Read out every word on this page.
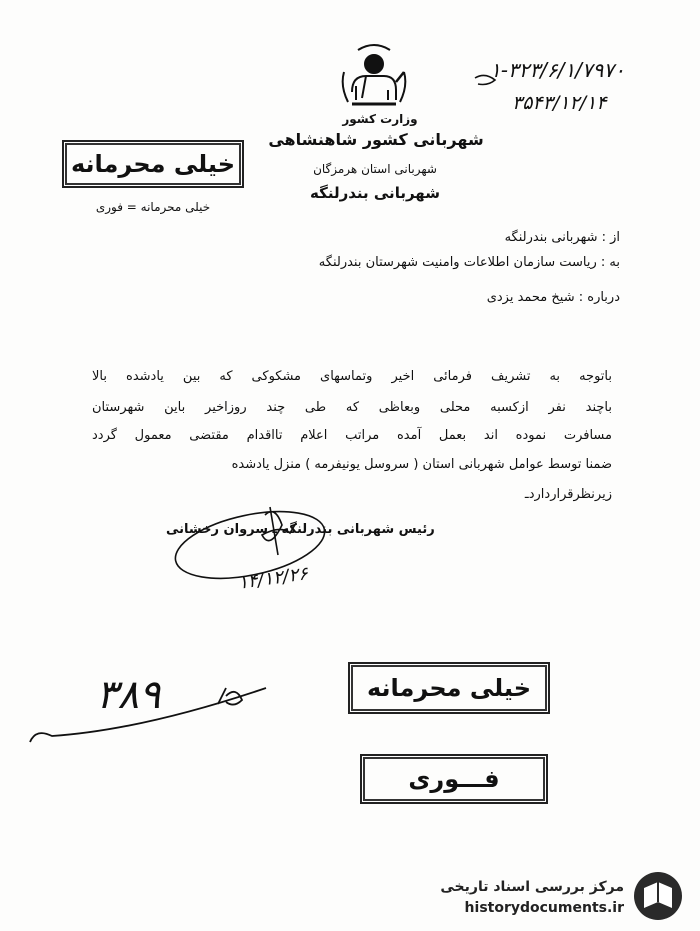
۱-۳۲۳/۶/۱/۷۹۷۰
۳۵۴۳/۱۲/۱۴
وزارت کشور
شهربانی کشور شاهنشاهی
شهربانی استان هرمزگان
شهربانی بندرلنگه
خیلی محرمانه
خیلی محرمانه = فوری
از : شهربانی بندرلنگه
به : ریاست سازمان اطلاعات وامنیت شهرستان بندرلنگه
درباره : شیخ محمد یزدی
باتوجه به تشریف فرمائی اخیر وتماسهای مشکوکی که بین یادشده بالا
باچند نفر ازکسبه محلی وبعاظی که طی چند روزاخیر باین شهرستان
مسافرت نموده اند بعمل آمده مراتب اعلام تااقدام مقتضی معمول گردد
ضمنا توسط عوامل شهربانی استان ( سروسل یونیفرمه ) منزل یادشده
زیرنظرقرارداردـ
رئیس شهربانی بندرلنگه ـ سروان رخشانی
۱۴/۱۲/۲۶
۳۸۹	خیلی محرمانه
فـــوری
مرکز بررسی اسناد تاریخی
historydocuments.ir
